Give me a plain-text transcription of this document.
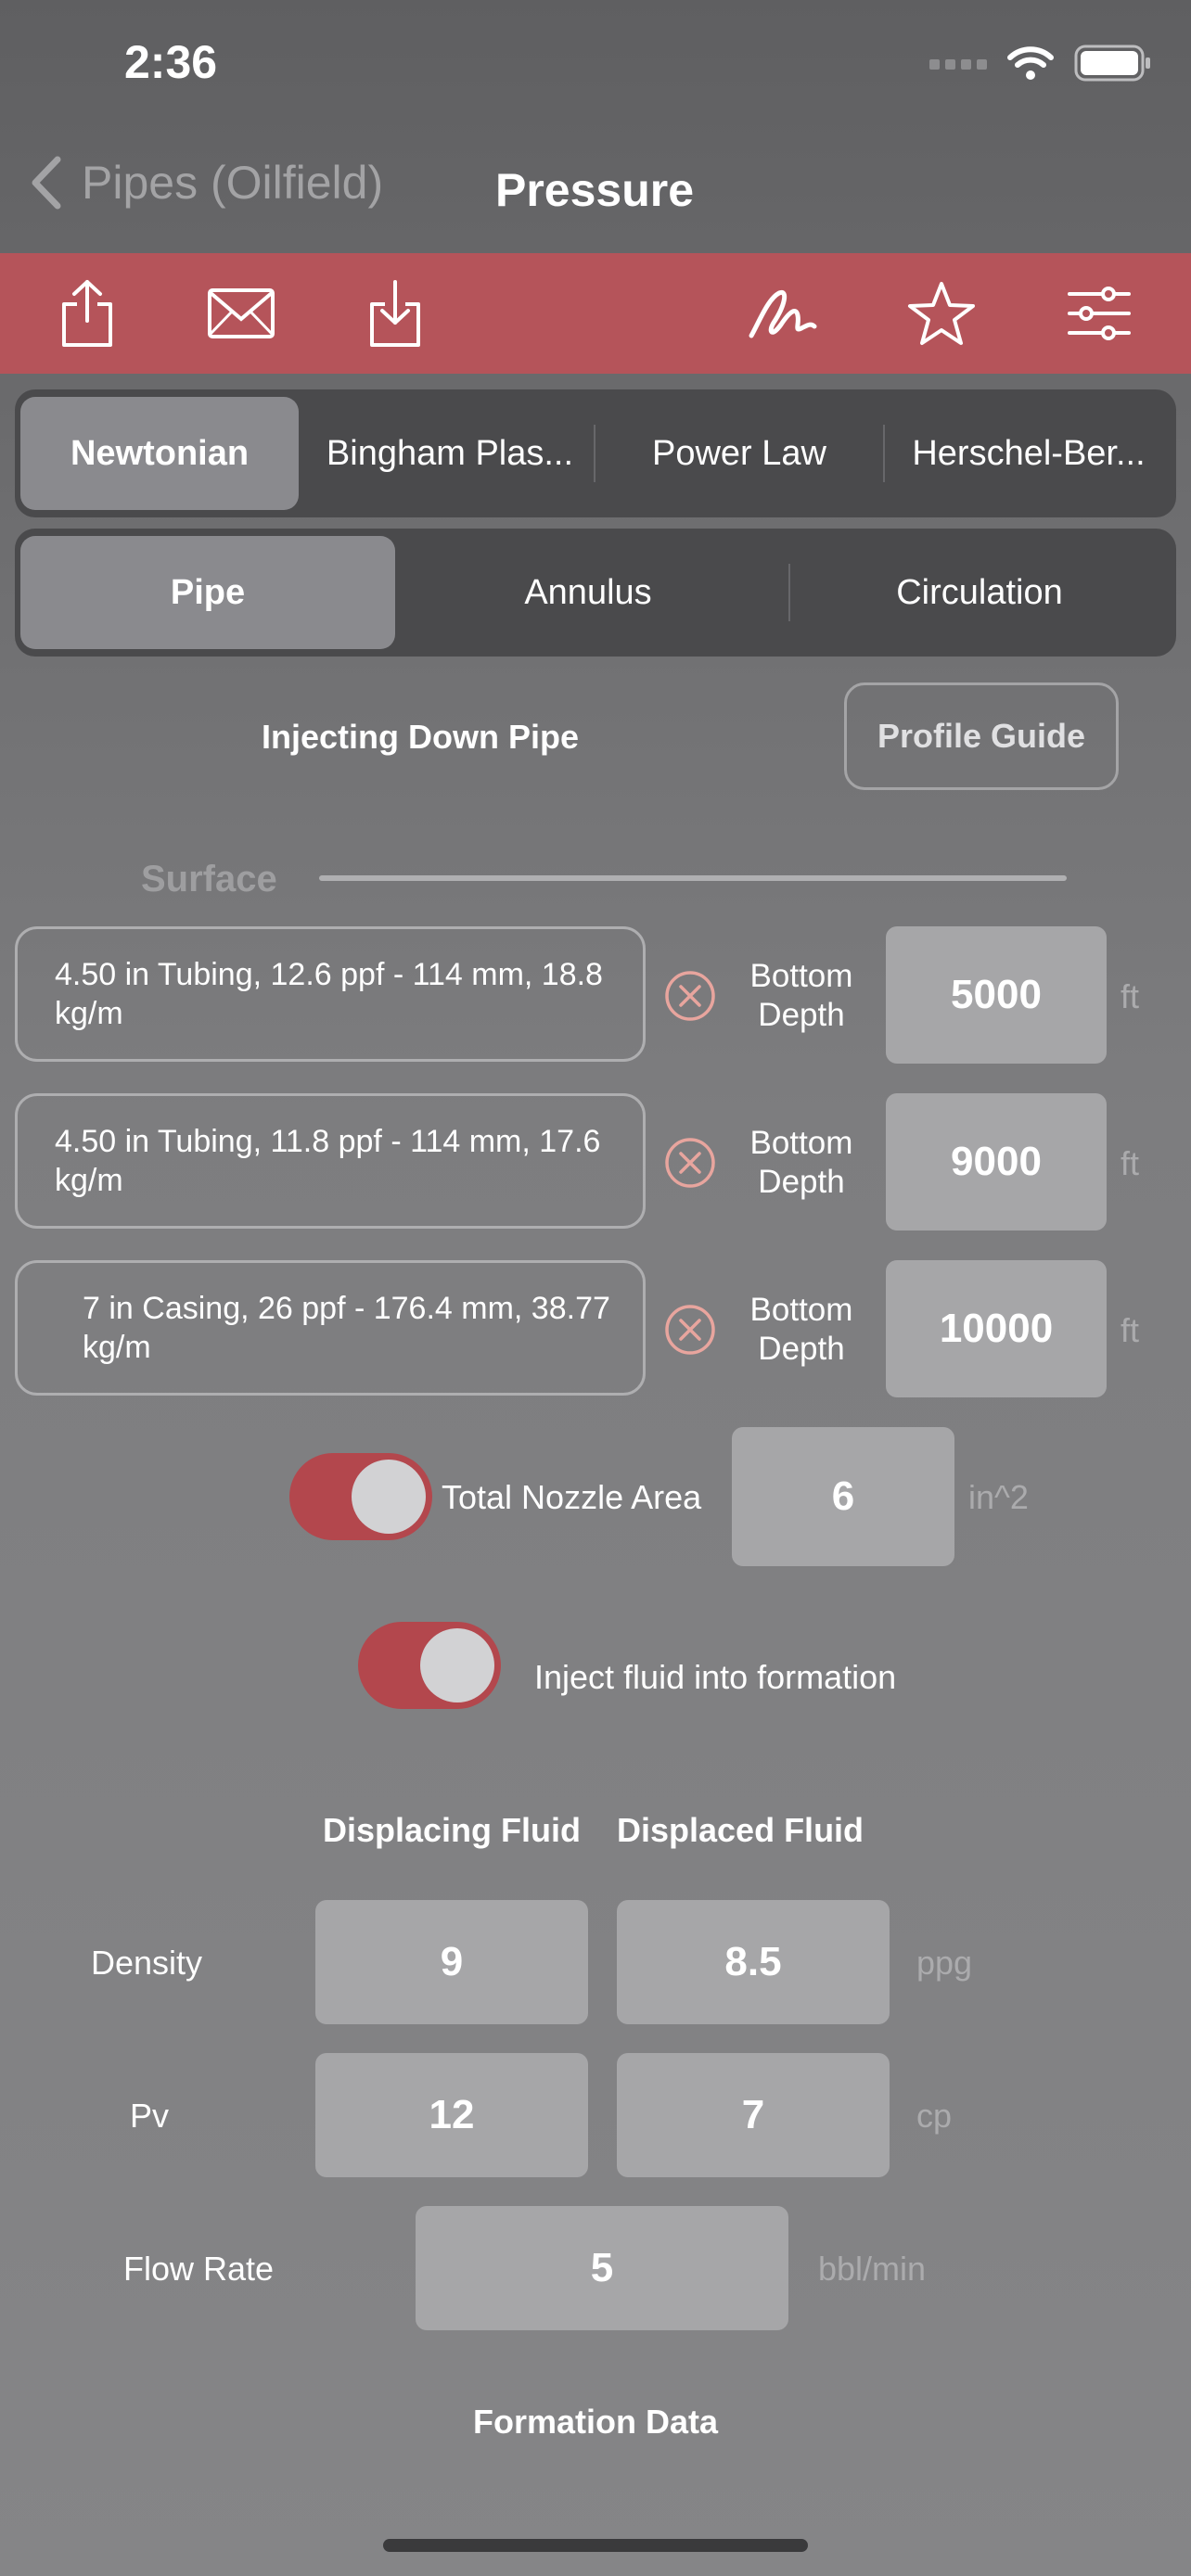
2:36
Pipes (Oilfield) Pressure
Newtonian	Bingham Plas...	Power Law	Herschel-Ber...
Pipe	Annulus	Circulation
Injecting Down Pipe	Profile Guide
Surface
4.50 in Tubing, 12.6 ppf - 114 mm, 18.8 kg/m
Bottom Depth	5000	ft
4.50 in Tubing, 11.8 ppf - 114 mm, 17.6 kg/m
Bottom Depth	9000	ft
7 in Casing, 26 ppf - 176.4 mm, 38.77 kg/m
Bottom Depth	10000	ft
Total Nozzle Area	6	in^2
Inject fluid into formation
Displacing Fluid Displaced Fluid
Density	9	8.5	ppg
Pv	12	7	cp
Flow Rate	5	bbl/min
Formation Data
